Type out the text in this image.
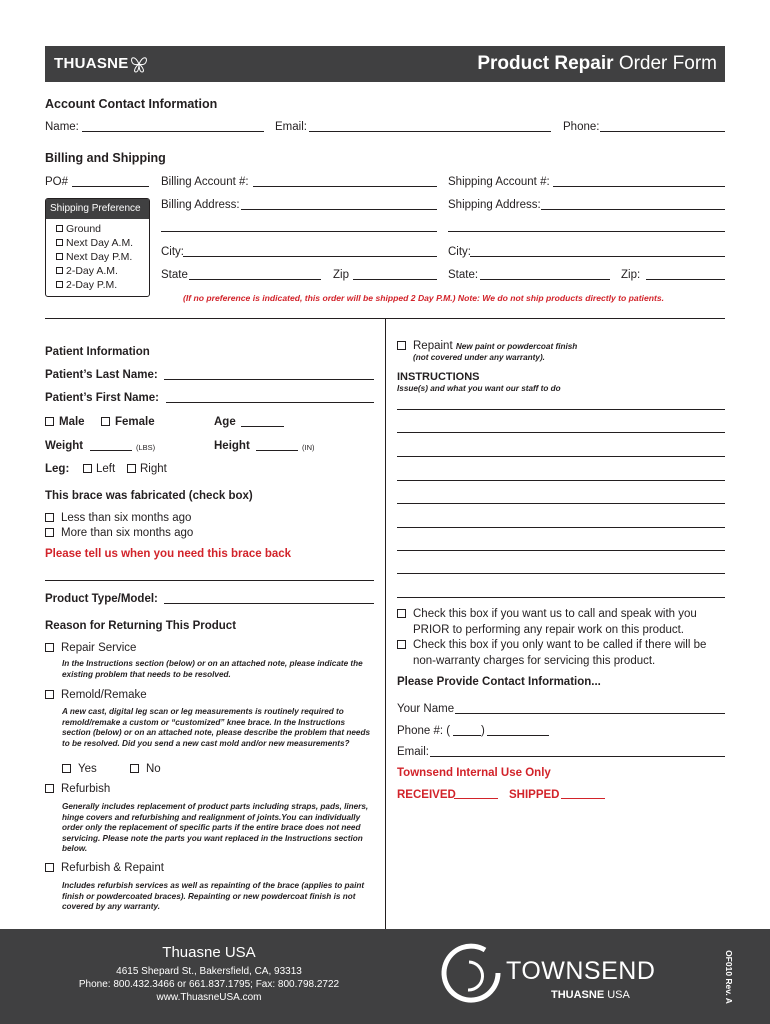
THUASNE	Product Repair Order Form
Account Contact Information
Name:	Email:	Phone:
Billing and Shipping
PO#	Billing Account #:	Shipping Account #:
Shipping Preference
Ground
Next Day A.M.
Next Day P.M.
2-Day A.M.
2-Day P.M.
Billing Address:	Shipping Address:
City:	City:
State	Zip	State:	Zip:
(If no preference is indicated, this order will be shipped 2 Day P.M.) Note: We do not ship products directly to patients.
Patient Information
Patient’s Last Name:
Patient’s First Name:
Male	Female	Age
Weight	(LBS)	Height	(IN)
Leg:	Left	Right
This brace was fabricated (check box)
Less than six months ago
More than six months ago
Please tell us when you need this brace back
Product Type/Model:
Reason for Returning This Product
Repair Service
In the Instructions section (below) or on an attached note, please indicate the existing problem that needs to be resolved.
Remold/Remake
A new cast, digital leg scan or leg measurements is routinely required to remold/remake a custom or “customized” knee brace. In the Instructions section (below) or on an attached note, please describe the problem that needs to be resolved. Did you send a new cast mold and/or new measurements?
Yes	No
Refurbish
Generally includes replacement of product parts including straps, pads, liners, hinge covers and refurbishing and realignment of joints.You can individually order only the replacement of specific parts if the entire brace does not need servicing. Please note the parts you want replaced in the Instructions section below.
Refurbish & Repaint
Includes refurbish services as well as repainting of the brace (applies to paint finish or powdercoated braces). Repainting or new powdercoat finish is not covered by any warranty.
Repaint New paint or powdercoat finish
(not covered under any warranty).
INSTRUCTIONS
Issue(s) and what you want our staff to do
Check this box if you want us to call and speak with you
PRIOR to performing any repair work on this product.
Check this box if you only want to be called if there will be
non-warranty charges for servicing this product.
Please Provide Contact Information...
Your Name
Phone #: (	)
Email:
Townsend Internal Use Only
RECEIVED	SHIPPED
Thuasne USA
4615 Shepard St., Bakersfield, CA, 93313
Phone: 800.432.3466 or 661.837.1795; Fax: 800.798.2722
www.ThuasneUSA.com
TOWNSEND
THUASNE USA	OF010 Rev. A
